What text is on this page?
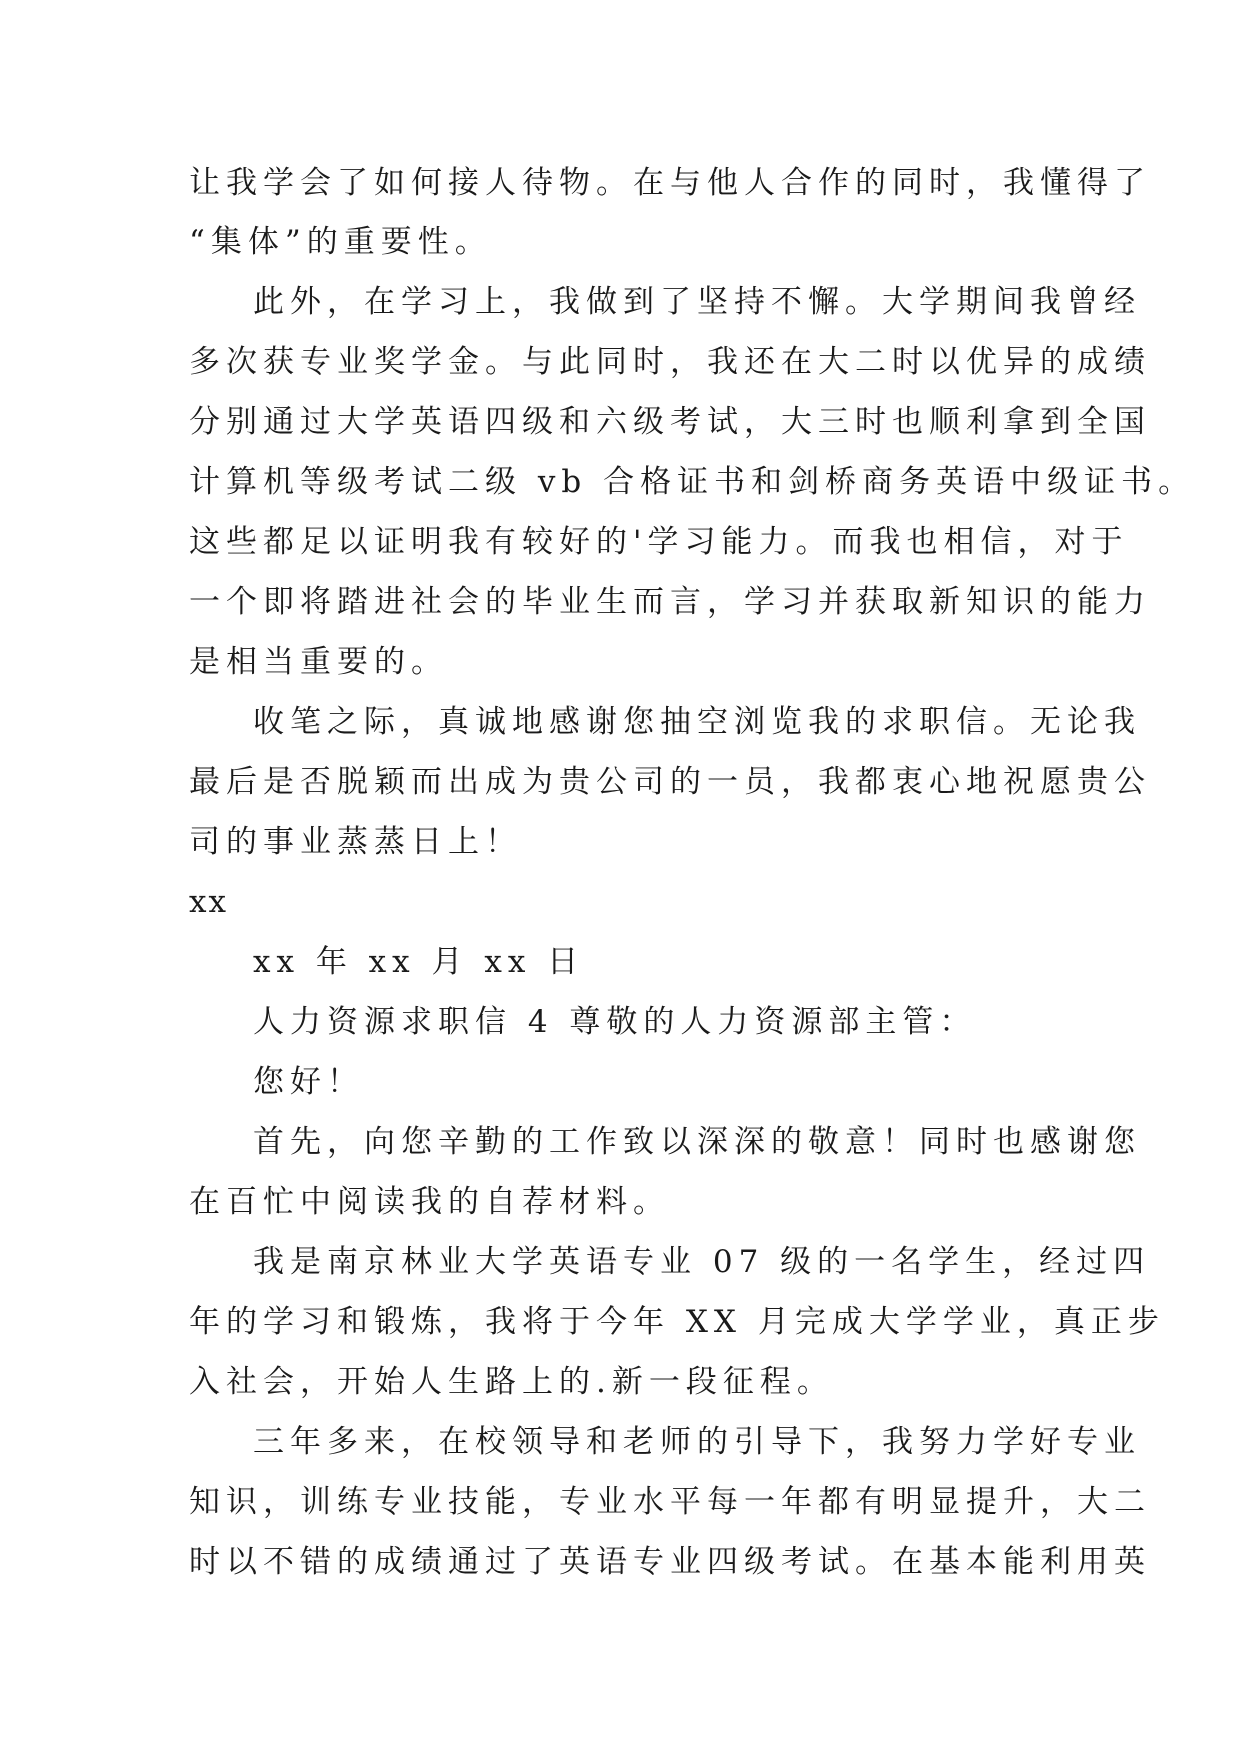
让我学会了如何接人待物。在与他人合作的同时，我懂得了
“集体”的重要性。
此外，在学习上，我做到了坚持不懈。大学期间我曾经
多次获专业奖学金。与此同时，我还在大二时以优异的成绩
分别通过大学英语四级和六级考试，大三时也顺利拿到全国
计算机等级考试二级 vb 合格证书和剑桥商务英语中级证书。
这些都足以证明我有较好的'学习能力。而我也相信，对于
一个即将踏进社会的毕业生而言，学习并获取新知识的能力
是相当重要的。
收笔之际，真诚地感谢您抽空浏览我的求职信。无论我
最后是否脱颖而出成为贵公司的一员，我都衷心地祝愿贵公
司的事业蒸蒸日上！
xx
xx 年 xx 月 xx 日
人力资源求职信 4 尊敬的人力资源部主管：
您好！
首先，向您辛勤的工作致以深深的敬意！同时也感谢您
在百忙中阅读我的自荐材料。
我是南京林业大学英语专业 07 级的一名学生，经过四
年的学习和锻炼，我将于今年 XX 月完成大学学业，真正步
入社会，开始人生路上的.新一段征程。
三年多来，在校领导和老师的引导下，我努力学好专业
知识，训练专业技能，专业水平每一年都有明显提升，大二
时以不错的成绩通过了英语专业四级考试。在基本能利用英
